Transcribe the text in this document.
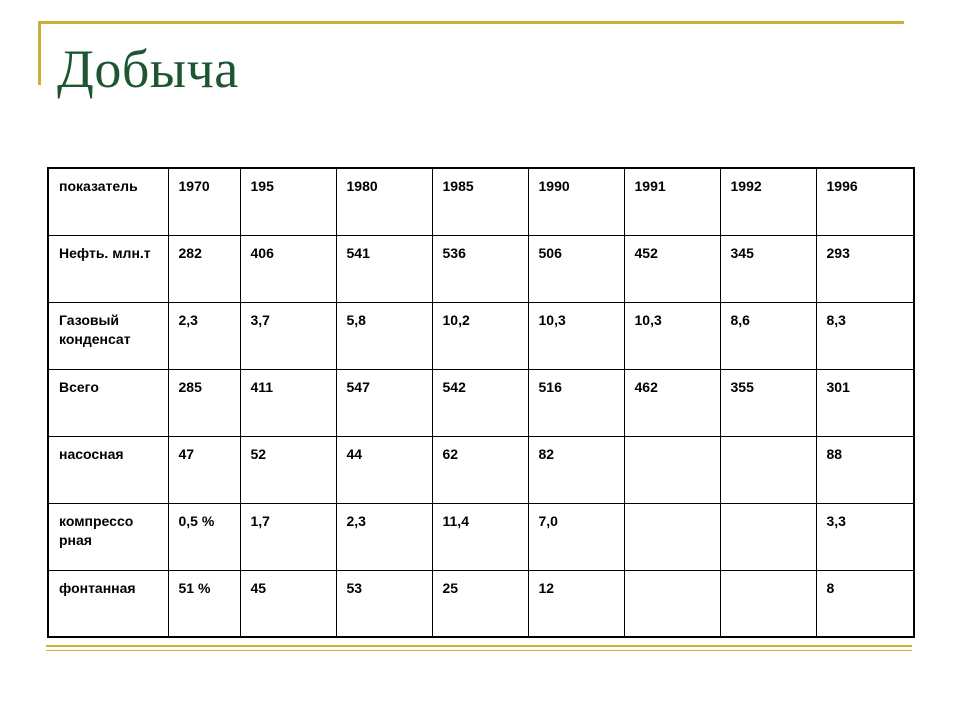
Добыча
показатель	1970	195	1980	1985	1990	1991	1992	1996
Нефть. млн.т	282	406	541	536	506	452	345	293
Газовый конденсат	2,3	3,7	5,8	10,2	10,3	10,3	8,6	8,3
Всего	285	411	547	542	516	462	355	301
насосная	47	52	44	62	82			88
компрессо рная	0,5 %	1,7	2,3	11,4	7,0			3,3
фонтанная	51 %	45	53	25	12			8
